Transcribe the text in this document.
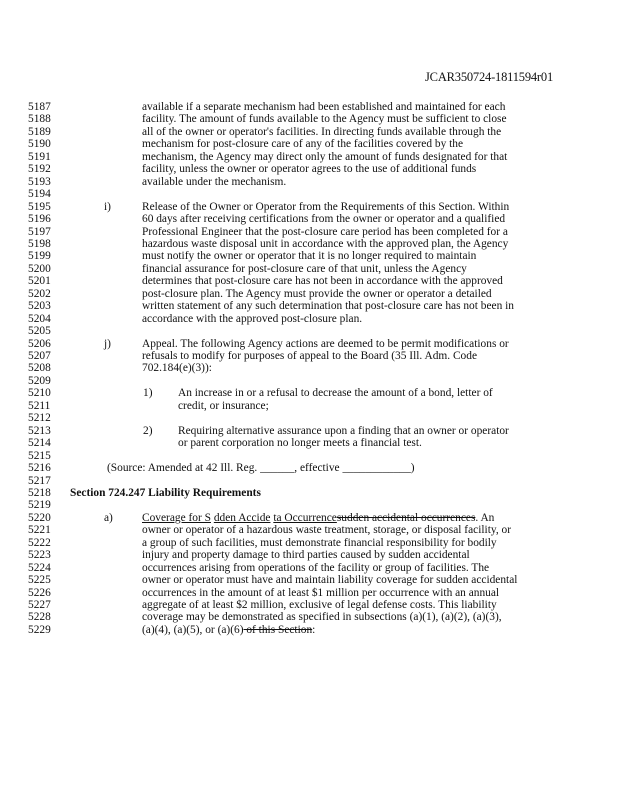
JCAR350724-1811594r01
5187	available if a separate mechanism had been established and maintained for each
5188	facility. The amount of funds available to the Agency must be sufficient to close
5189	all of the owner or operator's facilities. In directing funds available through the
5190	mechanism for post-closure care of any of the facilities covered by the
5191	mechanism, the Agency may direct only the amount of funds designated for that
5192	facility, unless the owner or operator agrees to the use of additional funds
5193	available under the mechanism.
5194
5195	i)	Release of the Owner or Operator from the Requirements of this Section. Within
5196	60 days after receiving certifications from the owner or operator and a qualified
5197	Professional Engineer that the post-closure care period has been completed for a
5198	hazardous waste disposal unit in accordance with the approved plan, the Agency
5199	must notify the owner or operator that it is no longer required to maintain
5200	financial assurance for post-closure care of that unit, unless the Agency
5201	determines that post-closure care has not been in accordance with the approved
5202	post-closure plan. The Agency must provide the owner or operator a detailed
5203	written statement of any such determination that post-closure care has not been in
5204	accordance with the approved post-closure plan.
5205
5206	j)	Appeal. The following Agency actions are deemed to be permit modifications or
5207	refusals to modify for purposes of appeal to the Board (35 Ill. Adm. Code
5208	702.184(e)(3)):
5209
5210	1) An increase in or a refusal to decrease the amount of a bond, letter of
5211	credit, or insurance;
5212
5213	2) Requiring alternative assurance upon a finding that an owner or operator
5214	or parent corporation no longer meets a financial test.
5215
5216	(Source: Amended at 42 Ill. Reg. ______, effective ____________)
5217
5218 Section 724.247 Liability Requirements
5219
5220	a)	Coverage for S dden Accide ta Occurrencesudden accidental occurrences. An
5221	owner or operator of a hazardous waste treatment, storage, or disposal facility, or
5222	a group of such facilities, must demonstrate financial responsibility for bodily
5223	injury and property damage to third parties caused by sudden accidental
5224	occurrences arising from operations of the facility or group of facilities. The
5225	owner or operator must have and maintain liability coverage for sudden accidental
5226	occurrences in the amount of at least $1 million per occurrence with an annual
5227	aggregate of at least $2 million, exclusive of legal defense costs. This liability
5228	coverage may be demonstrated as specified in subsections (a)(1), (a)(2), (a)(3),
5229	(a)(4), (a)(5), or (a)(6) of this Section:
